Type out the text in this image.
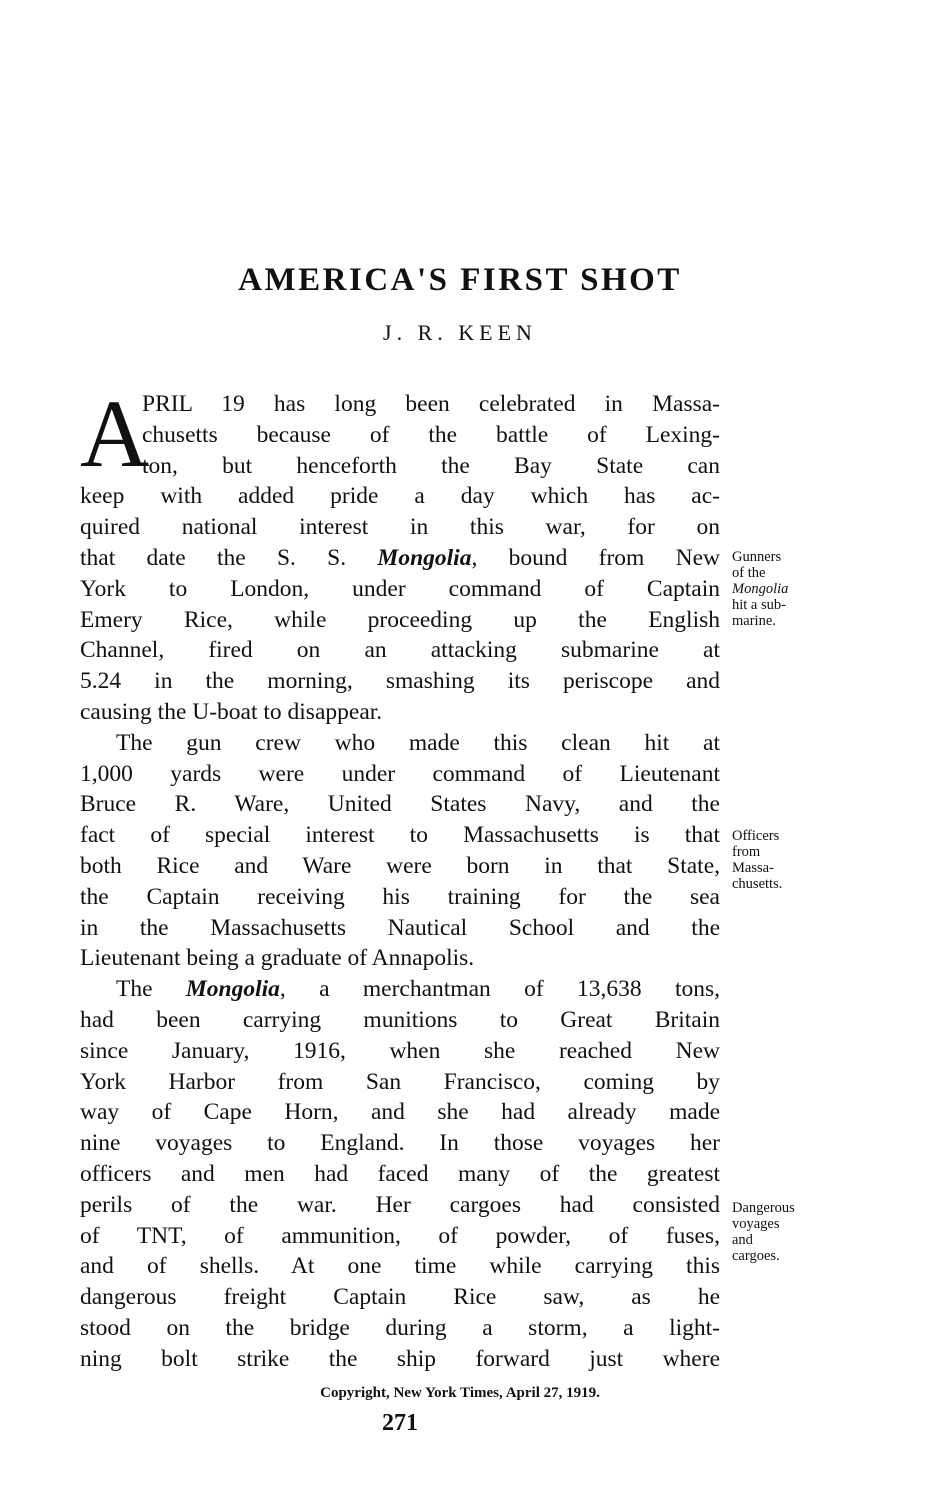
AMERICA'S FIRST SHOT

J. R. KEEN

A
PRIL 19 has long been celebrated in Massa-
chusetts because of the battle of Lexing-
ton, but henceforth the Bay State can
keep with added pride a day which has ac-
quired national interest in this war, for on
that date the S. S. Mongolia, bound from New
York to London, under command of Captain
Emery Rice, while proceeding up the English
Channel, fired on an attacking submarine at
5.24 in the morning, smashing its periscope and
causing the U-boat to disappear.
The gun crew who made this clean hit at
1,000 yards were under command of Lieutenant
Bruce R. Ware, United States Navy, and the
fact of special interest to Massachusetts is that
both Rice and Ware were born in that State,
the Captain receiving his training for the sea
in the Massachusetts Nautical School and the
Lieutenant being a graduate of Annapolis.
The Mongolia, a merchantman of 13,638 tons,
had been carrying munitions to Great Britain
since January, 1916, when she reached New
York Harbor from San Francisco, coming by
way of Cape Horn, and she had already made
nine voyages to England. In those voyages her
officers and men had faced many of the greatest
perils of the war. Her cargoes had consisted
of TNT, of ammunition, of powder, of fuses,
and of shells. At one time while carrying this
dangerous freight Captain Rice saw, as he
stood on the bridge during a storm, a light-
ning bolt strike the ship forward just where
Gunners
of the
Mongolia
hit a sub-
marine.
Officers
from
Massa-
chusetts.
Dangerous
voyages
and
cargoes.

Copyright, New York Times, April 27, 1919.

271
